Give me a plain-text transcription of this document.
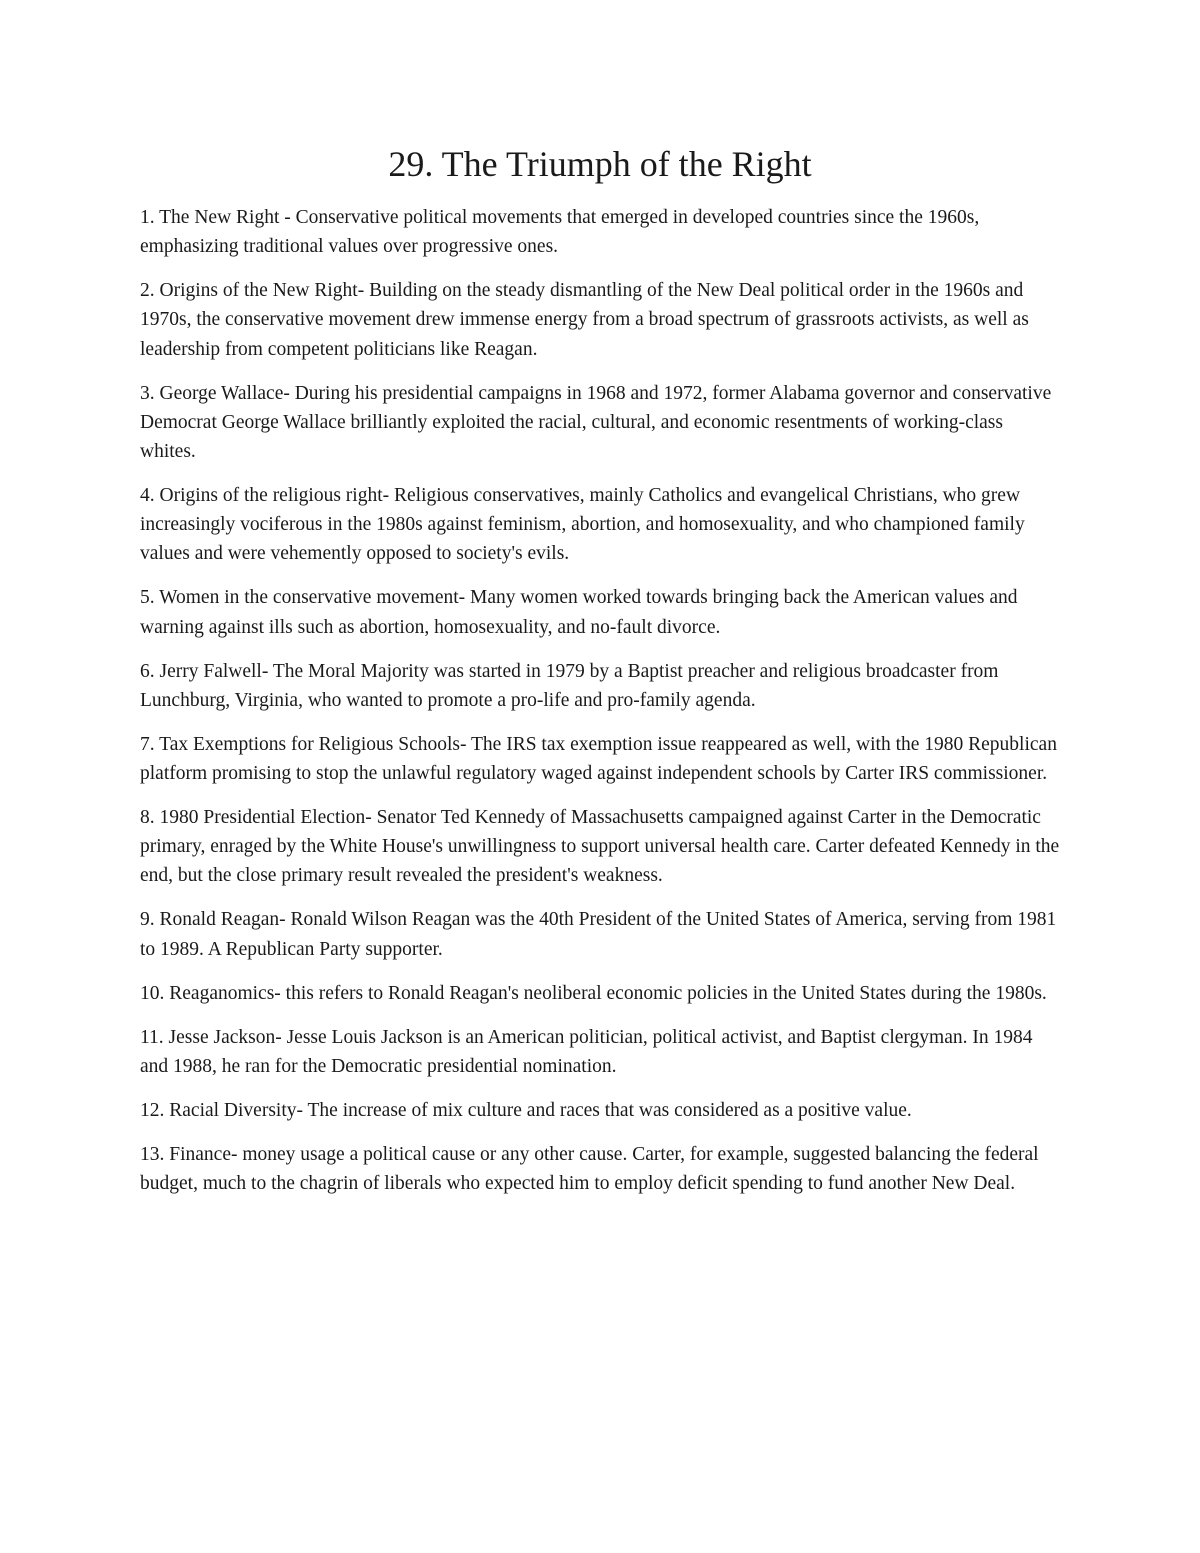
29. The Triumph of the Right

1. The New Right - Conservative political movements that emerged in developed countries since the 1960s, emphasizing traditional values over progressive ones.

2. Origins of the New Right- Building on the steady dismantling of the New Deal political order in the 1960s and 1970s, the conservative movement drew immense energy from a broad spectrum of grassroots activists, as well as leadership from competent politicians like Reagan.

3. George Wallace- During his presidential campaigns in 1968 and 1972, former Alabama governor and conservative Democrat George Wallace brilliantly exploited the racial, cultural, and economic resentments of working-class whites.

4. Origins of the religious right- Religious conservatives, mainly Catholics and evangelical Christians, who grew increasingly vociferous in the 1980s against feminism, abortion, and homosexuality, and who championed family values and were vehemently opposed to society's evils.

5. Women in the conservative movement- Many women worked towards bringing back the American values and warning against ills such as abortion, homosexuality, and no-fault divorce.

6. Jerry Falwell- The Moral Majority was started in 1979 by a Baptist preacher and religious broadcaster from Lunchburg, Virginia, who wanted to promote a pro-life and pro-family agenda.

7. Tax Exemptions for Religious Schools- The IRS tax exemption issue reappeared as well, with the 1980 Republican platform promising to stop the unlawful regulatory waged against independent schools by Carter IRS commissioner.

8. 1980 Presidential Election- Senator Ted Kennedy of Massachusetts campaigned against Carter in the Democratic primary, enraged by the White House's unwillingness to support universal health care. Carter defeated Kennedy in the end, but the close primary result revealed the president's weakness.

9. Ronald Reagan- Ronald Wilson Reagan was the 40th President of the United States of America, serving from 1981 to 1989. A Republican Party supporter.

10. Reaganomics- this refers to Ronald Reagan's neoliberal economic policies in the United States during the 1980s.

11. Jesse Jackson- Jesse Louis Jackson is an American politician, political activist, and Baptist clergyman. In 1984 and 1988, he ran for the Democratic presidential nomination.

12. Racial Diversity- The increase of mix culture and races that was considered as a positive value.

13. Finance- money usage a political cause or any other cause. Carter, for example, suggested balancing the federal budget, much to the chagrin of liberals who expected him to employ deficit spending to fund another New Deal.
